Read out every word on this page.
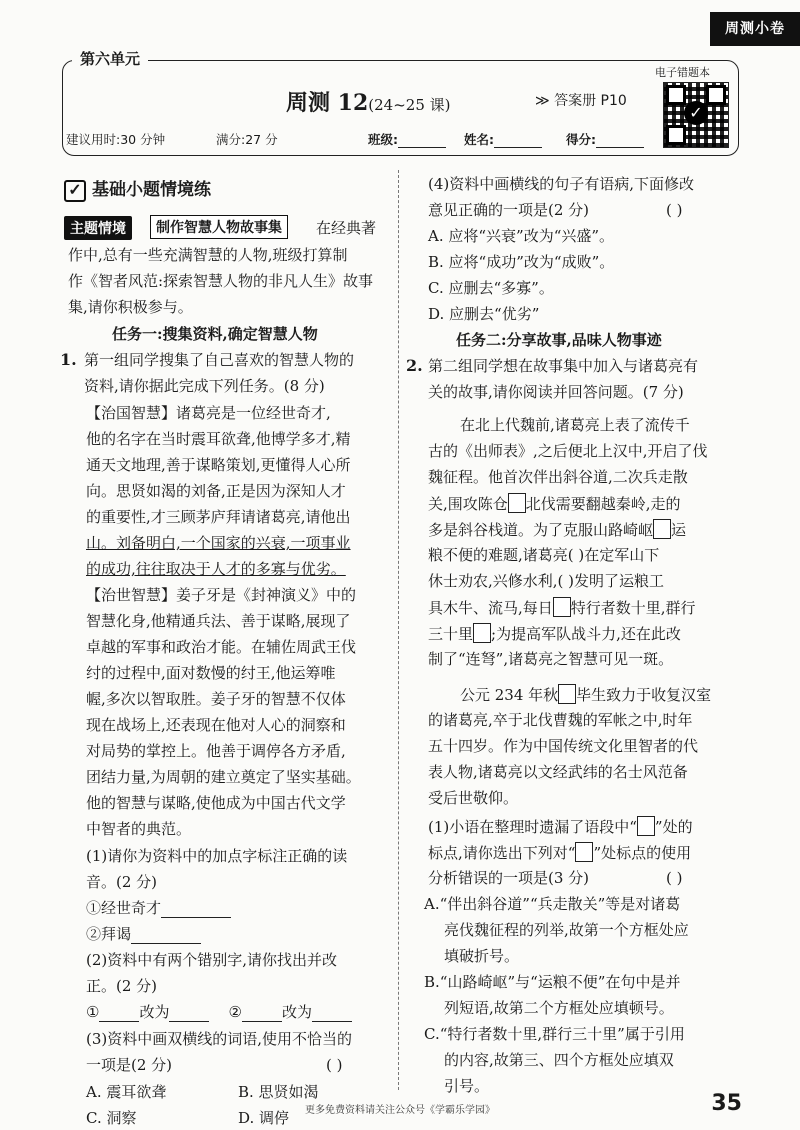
周测小卷
第六单元
周测 12(24~25 课)	≫ 答案册 P10
电子错题本
✓
建议用时:30 分钟	满分:27 分	班级:	姓名:	得分:
✓ 基础小题情境练
主题情境	制作智慧人物故事集	在经典著
作中,总有一些充满智慧的人物,班级打算制
作《智者风范:探索智慧人物的非凡人生》故事
集,请你积极参与。
任务一:搜集资料,确定智慧人物
1. 第一组同学搜集了自己喜欢的智慧人物的
资料,请你据此完成下列任务。(8 分)
【治国智慧】诸葛亮是一位经世奇才,
他的名字在当时震耳欲聋,他博学多才,精
通天文地理,善于谋略策划,更懂得人心所
向。思贤如渴的刘备,正是因为深知人才
的重要性,才三顾茅庐拜请诸葛亮,请他出
山。刘备明白,一个国家的兴衰,一项事业
的成功,往往取决于人才的多寡与优劣。
【治世智慧】姜子牙是《封神演义》中的
智慧化身,他精通兵法、善于谋略,展现了
卓越的军事和政治才能。在辅佐周武王伐
纣的过程中,面对数慢的纣王,他运筹唯
幄,多次以智取胜。姜子牙的智慧不仅体
现在战场上,还表现在他对人心的洞察和
对局势的掌控上。他善于调停各方矛盾,
团结力量,为周朝的建立奠定了坚实基础。
他的智慧与谋略,使他成为中国古代文学
中智者的典范。
(1)请你为资料中的加点字标注正确的读
音。(2 分)
①经世奇才
②拜谒
(2)资料中有两个错别字,请你找出并改
正。(2 分)
①	改为	②	改为
(3)资料中画双横线的词语,使用不恰当的
一项是(2 分)	( )
A. 震耳欲聋	B. 思贤如渴
C. 洞察	D. 调停
(4)资料中画横线的句子有语病,下面修改
意见正确的一项是(2 分)	( )
A. 应将“兴衰”改为“兴盛”。
B. 应将“成功”改为“成败”。
C. 应删去“多寡”。
D. 应删去“优劣”
任务二:分享故事,品味人物事迹
2. 第二组同学想在故事集中加入与诸葛亮有
关的故事,请你阅读并回答问题。(7 分)
在北上代魏前,诸葛亮上表了流传千
古的《出师表》,之后便北上汉中,开启了伐
魏征程。他首次伴出斜谷道,二次兵走散
关,围攻陈仓 北伐需要翻越秦岭,走的
多是斜谷栈道。为了克服山路崎岖 运
粮不便的难题,诸葛亮( )在定军山下
休士劝农,兴修水利,( )发明了运粮工
具木牛、流马,每日 特行者数十里,群行
三十里 ;为提高军队战斗力,还在此改
制了“连弩”,诸葛亮之智慧可见一斑。
公元 234 年秋 毕生致力于收复汉室
的诸葛亮,卒于北伐曹魏的军帐之中,时年
五十四岁。作为中国传统文化里智者的代
表人物,诸葛亮以文经武纬的名士风范备
受后世敬仰。
(1)小语在整理时遗漏了语段中“ ”处的
标点,请你选出下列对“ ”处标点的使用
分析错误的一项是(3 分)	( )
A.“伴出斜谷道”“兵走散关”等是对诸葛
亮伐魏征程的列举,故第一个方框处应
填破折号。
B.“山路崎岖”与“运粮不便”在句中是并
列短语,故第二个方框处应填顿号。
C.“特行者数十里,群行三十里”属于引用
的内容,故第三、四个方框处应填双
引号。
更多免费资料请关注公众号《学霸乐学园》	35
